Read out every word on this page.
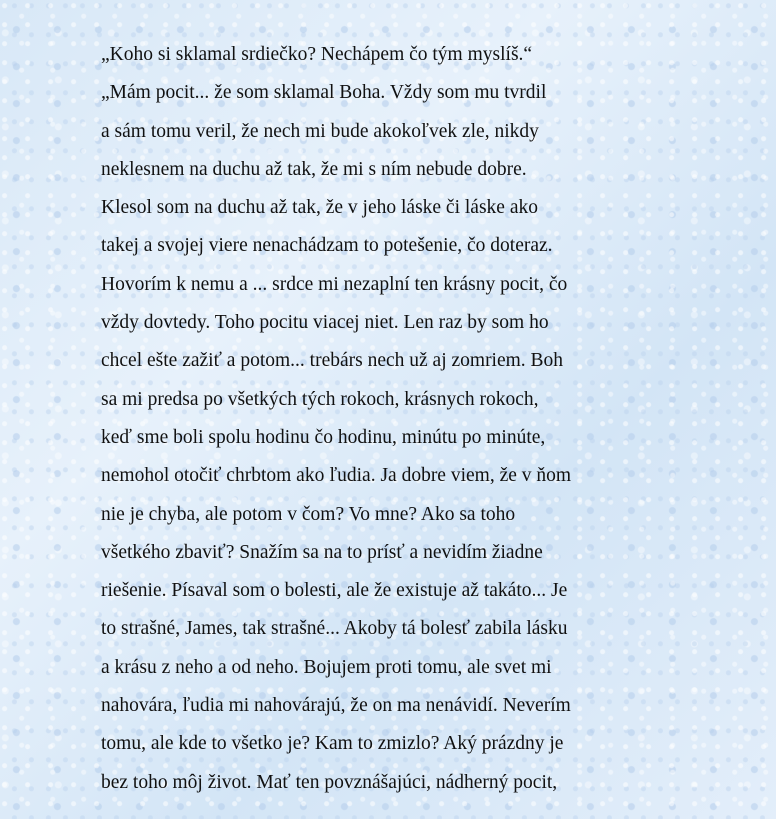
„Koho si sklamal srdiečko? Nechápem čo tým myslíš.“
„Mám pocit... že som sklamal Boha. Vždy som mu tvrdil
a sám tomu veril, že nech mi bude akokoľvek zle, nikdy
neklesnem na duchu až tak, že mi s ním nebude dobre.
Klesol som na duchu až tak, že v jeho láske či láske ako
takej a svojej viere nenachádzam to potešenie, čo doteraz.
Hovorím k nemu a ... srdce mi nezaplní ten krásny pocit, čo
vždy dovtedy. Toho pocitu viacej niet. Len raz by som ho
chcel ešte zažiť a potom... trebárs nech už aj zomriem. Boh
sa mi predsa po všetkých tých rokoch, krásnych rokoch,
keď sme boli spolu hodinu čo hodinu, minútu po minúte,
nemohol otočiť chrbtom ako ľudia. Ja dobre viem, že v ňom
nie je chyba, ale potom v čom? Vo mne? Ako sa toho
všetkého zbaviť? Snažím sa na to prísť a nevidím žiadne
riešenie. Písaval som o bolesti, ale že existuje až takáto... Je
to strašné, James, tak strašné... Akoby tá bolesť zabila lásku
a krásu z neho a od neho. Bojujem proti tomu, ale svet mi
nahovára, ľudia mi nahovárajú, že on ma nenávidí. Neverím
tomu, ale kde to všetko je? Kam to zmizlo? Aký prázdny je
bez toho môj život. Mať ten povznášajúci, nádherný pocit,
